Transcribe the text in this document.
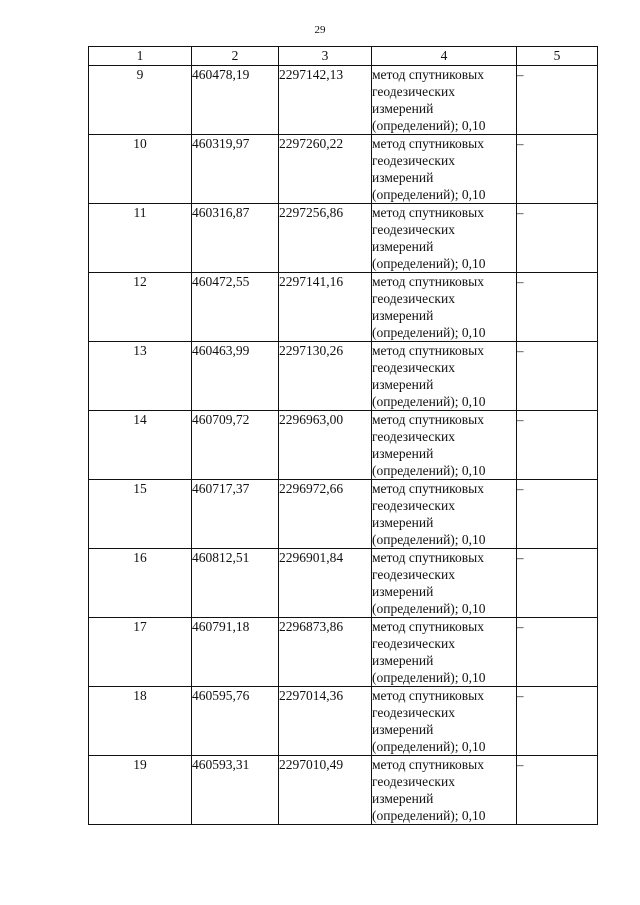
29
1	2	3	4	5
9	460478,19	2297142,13	метод спутниковых геодезических измерений (определений); 0,10	–
10	460319,97	2297260,22	метод спутниковых геодезических измерений (определений); 0,10	–
11	460316,87	2297256,86	метод спутниковых геодезических измерений (определений); 0,10	–
12	460472,55	2297141,16	метод спутниковых геодезических измерений (определений); 0,10	–
13	460463,99	2297130,26	метод спутниковых геодезических измерений (определений); 0,10	–
14	460709,72	2296963,00	метод спутниковых геодезических измерений (определений); 0,10	–
15	460717,37	2296972,66	метод спутниковых геодезических измерений (определений); 0,10	–
16	460812,51	2296901,84	метод спутниковых геодезических измерений (определений); 0,10	–
17	460791,18	2296873,86	метод спутниковых геодезических измерений (определений); 0,10	–
18	460595,76	2297014,36	метод спутниковых геодезических измерений (определений); 0,10	–
19	460593,31	2297010,49	метод спутниковых геодезических измерений (определений); 0,10	–
